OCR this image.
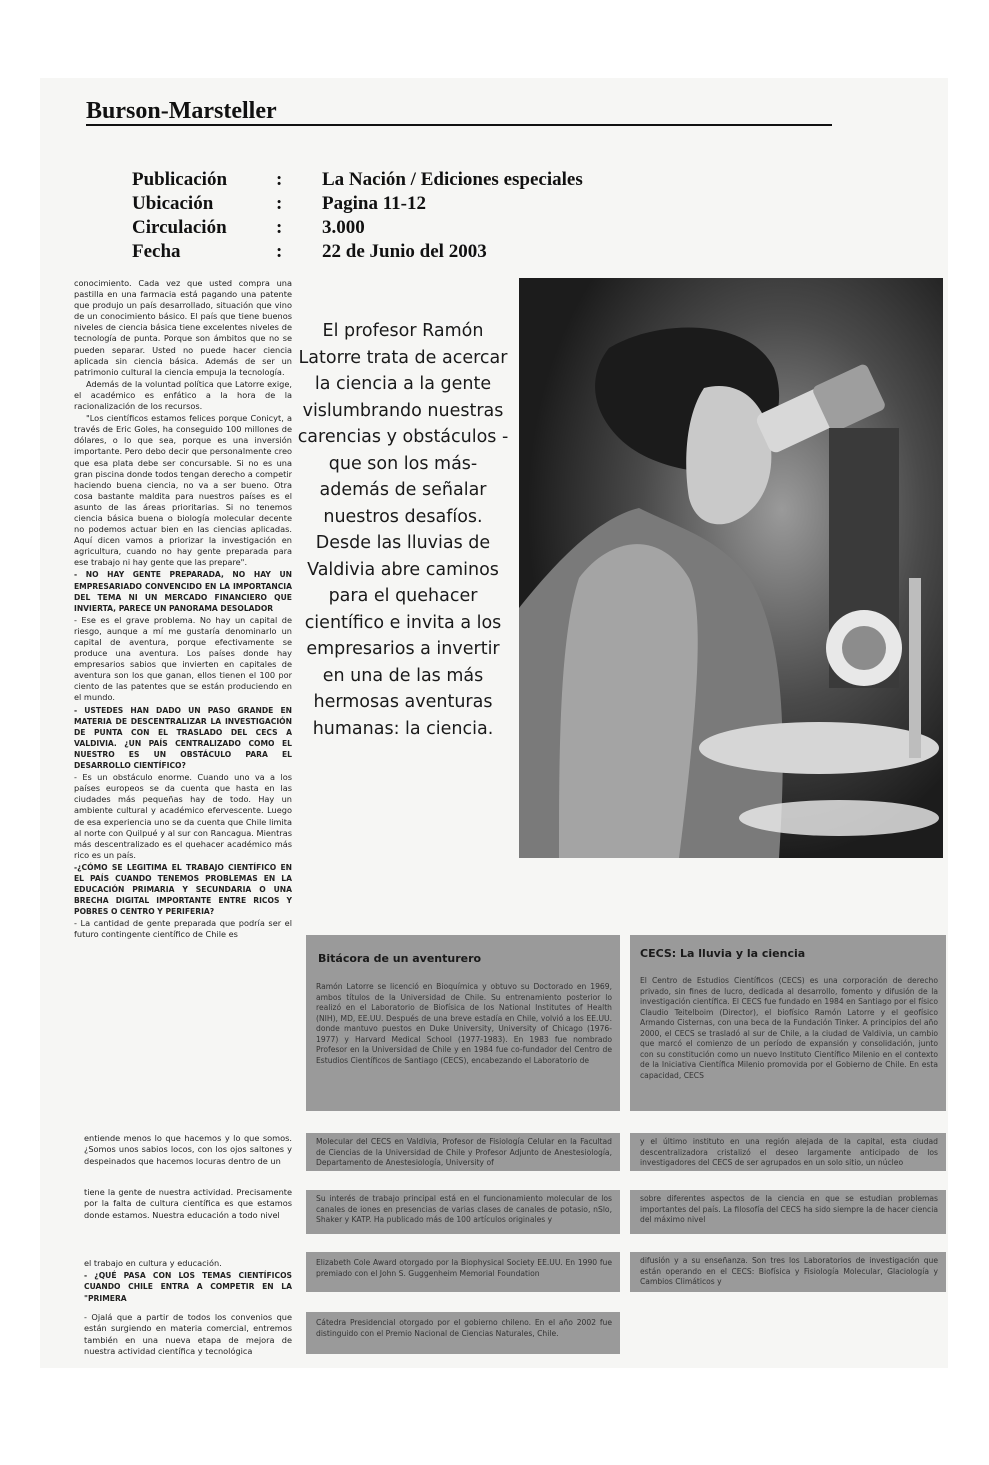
Burson-Marsteller
Publicación	: La Nación / Ediciones especiales
Ubicación	: Pagina 11-12
Circulación	: 3.000
Fecha	: 22 de Junio del 2003

conocimiento. Cada vez que usted compra una pastilla en una farmacia está pagando una patente que produjo un país desarrollado, situación que vino de un conocimiento básico. El país que tiene buenos niveles de ciencia básica tiene excelentes niveles de tecnología de punta. Porque son ámbitos que no se pueden separar. Usted no puede hacer ciencia aplicada sin ciencia básica. Además de ser un patrimonio cultural la ciencia empuja la tecnología.

Además de la voluntad política que Latorre exige, el académico es enfático a la hora de la racionalización de los recursos.

"Los científicos estamos felices porque Conicyt, a través de Eric Goles, ha conseguido 100 millones de dólares, o lo que sea, porque es una inversión importante. Pero debo decir que personalmente creo que esa plata debe ser concursable. Si no es una gran piscina donde todos tengan derecho a competir haciendo buena ciencia, no va a ser bueno. Otra cosa bastante maldita para nuestros países es el asunto de las áreas prioritarias. Si no tenemos ciencia básica buena o biología molecular decente no podemos actuar bien en las ciencias aplicadas. Aquí dicen vamos a priorizar la investigación en agricultura, cuando no hay gente preparada para ese trabajo ni hay gente que las prepare".

- NO HAY GENTE PREPARADA, NO HAY UN EMPRESARIADO CONVENCIDO EN LA IMPORTANCIA DEL TEMA NI UN MERCADO FINANCIERO QUE INVIERTA, PARECE UN PANORAMA DESOLADOR

- Ese es el grave problema. No hay un capital de riesgo, aunque a mí me gustaría denominarlo un capital de aventura, porque efectivamente se produce una aventura. Los países donde hay empresarios sabios que invierten en capitales de aventura son los que ganan, ellos tienen el 100 por ciento de las patentes que se están produciendo en el mundo.

- USTEDES HAN DADO UN PASO GRANDE EN MATERIA DE DESCENTRALIZAR LA INVESTIGACIÓN DE PUNTA CON EL TRASLADO DEL CECS A VALDIVIA. ¿UN PAÍS CENTRALIZADO COMO EL NUESTRO ES UN OBSTÁCULO PARA EL DESARROLLO CIENTÍFICO?

- Es un obstáculo enorme. Cuando uno va a los países europeos se da cuenta que hasta en las ciudades más pequeñas hay de todo. Hay un ambiente cultural y académico efervescente. Luego de esa experiencia uno se da cuenta que Chile limita al norte con Quilpué y al sur con Rancagua. Mientras más descentralizado es el quehacer académico más rico es un país.

-¿CÓMO SE LEGITIMA EL TRABAJO CIENTÍFICO EN EL PAÍS CUANDO TENEMOS PROBLEMAS EN LA EDUCACIÓN PRIMARIA Y SECUNDARIA O UNA BRECHA DIGITAL IMPORTANTE ENTRE RICOS Y POBRES O CENTRO Y PERIFERIA?

- La cantidad de gente preparada que podría ser el futuro contingente científico de Chile es

entiende menos lo que hacemos y lo que somos. ¿Somos unos sabios locos, con los ojos saltones y despeinados que hacemos locuras dentro de un
tiene la gente de nuestra actividad. Precisamente por la falta de cultura científica es que estamos donde estamos. Nuestra educación a todo nivel
el trabajo en cultura y educación.
- ¿QUÉ PASA CON LOS TEMAS CIENTÍFICOS CUANDO CHILE ENTRA A COMPETIR EN LA "PRIMERA
- Ojalá que a partir de todos los convenios que están surgiendo en materia comercial, entremos también en una nueva etapa de mejora de nuestra actividad científica y tecnológica
El profesor Ramón Latorre trata de acercar la ciencia a la gente vislumbrando nuestras carencias y obstáculos -que son los más- además de señalar nuestros desafíos. Desde las lluvias de Valdivia abre caminos para el quehacer científico e invita a los empresarios a invertir en una de las más hermosas aventuras humanas: la ciencia.
Bitácora de un aventurero
Ramón Latorre se licenció en Bioquímica y obtuvo su Doctorado en 1969, ambos títulos de la Universidad de Chile. Su entrenamiento posterior lo realizó en el Laboratorio de Biofísica de los National Institutes of Health (NIH), MD, EE.UU. Después de una breve estadía en Chile, volvió a los EE.UU. donde mantuvo puestos en Duke University, University of Chicago (1976-1977) y Harvard Medical School (1977-1983). En 1983 fue nombrado Profesor en la Universidad de Chile y en 1984 fue co-fundador del Centro de Estudios Científicos de Santiago (CECS), encabezando el Laboratorio de
Molecular del CECS en Valdivia, Profesor de Fisiología Celular en la Facultad de Ciencias de la Universidad de Chile y Profesor Adjunto de Anestesiología, Departamento de Anestesiología, University of
Su interés de trabajo principal está en el funcionamiento molecular de los canales de iones en presencias de varias clases de canales de potasio, nSlo, Shaker y KATP. Ha publicado más de 100 artículos originales y
Elizabeth Cole Award otorgado por la Biophysical Society EE.UU. En 1990 fue premiado con el John S. Guggenheim Memorial Foundation
Cátedra Presidencial otorgado por el gobierno chileno. En el año 2002 fue distinguido con el Premio Nacional de Ciencias Naturales, Chile.
CECS: La lluvia y la ciencia
El Centro de Estudios Científicos (CECS) es una corporación de derecho privado, sin fines de lucro, dedicada al desarrollo, fomento y difusión de la investigación científica. El CECS fue fundado en 1984 en Santiago por el físico Claudio Teitelboim (Director), el biofísico Ramón Latorre y el geofísico Armando Cisternas, con una beca de la Fundación Tinker. A principios del año 2000, el CECS se trasladó al sur de Chile, a la ciudad de Valdivia, un cambio que marcó el comienzo de un período de expansión y consolidación, junto con su constitución como un nuevo Instituto Científico Milenio en el contexto de la Iniciativa Científica Milenio promovida por el Gobierno de Chile. En esta capacidad, CECS
y el último instituto en una región alejada de la capital, esta ciudad descentralizadora cristalizó el deseo largamente anticipado de los investigadores del CECS de ser agrupados en un solo sitio, un núcleo
sobre diferentes aspectos de la ciencia en que se estudian problemas importantes del país. La filosofía del CECS ha sido siempre la de hacer ciencia del máximo nivel
difusión y a su enseñanza. Son tres los Laboratorios de investigación que están operando en el CECS: Biofísica y Fisiología Molecular, Glaciología y Cambios Climáticos y
